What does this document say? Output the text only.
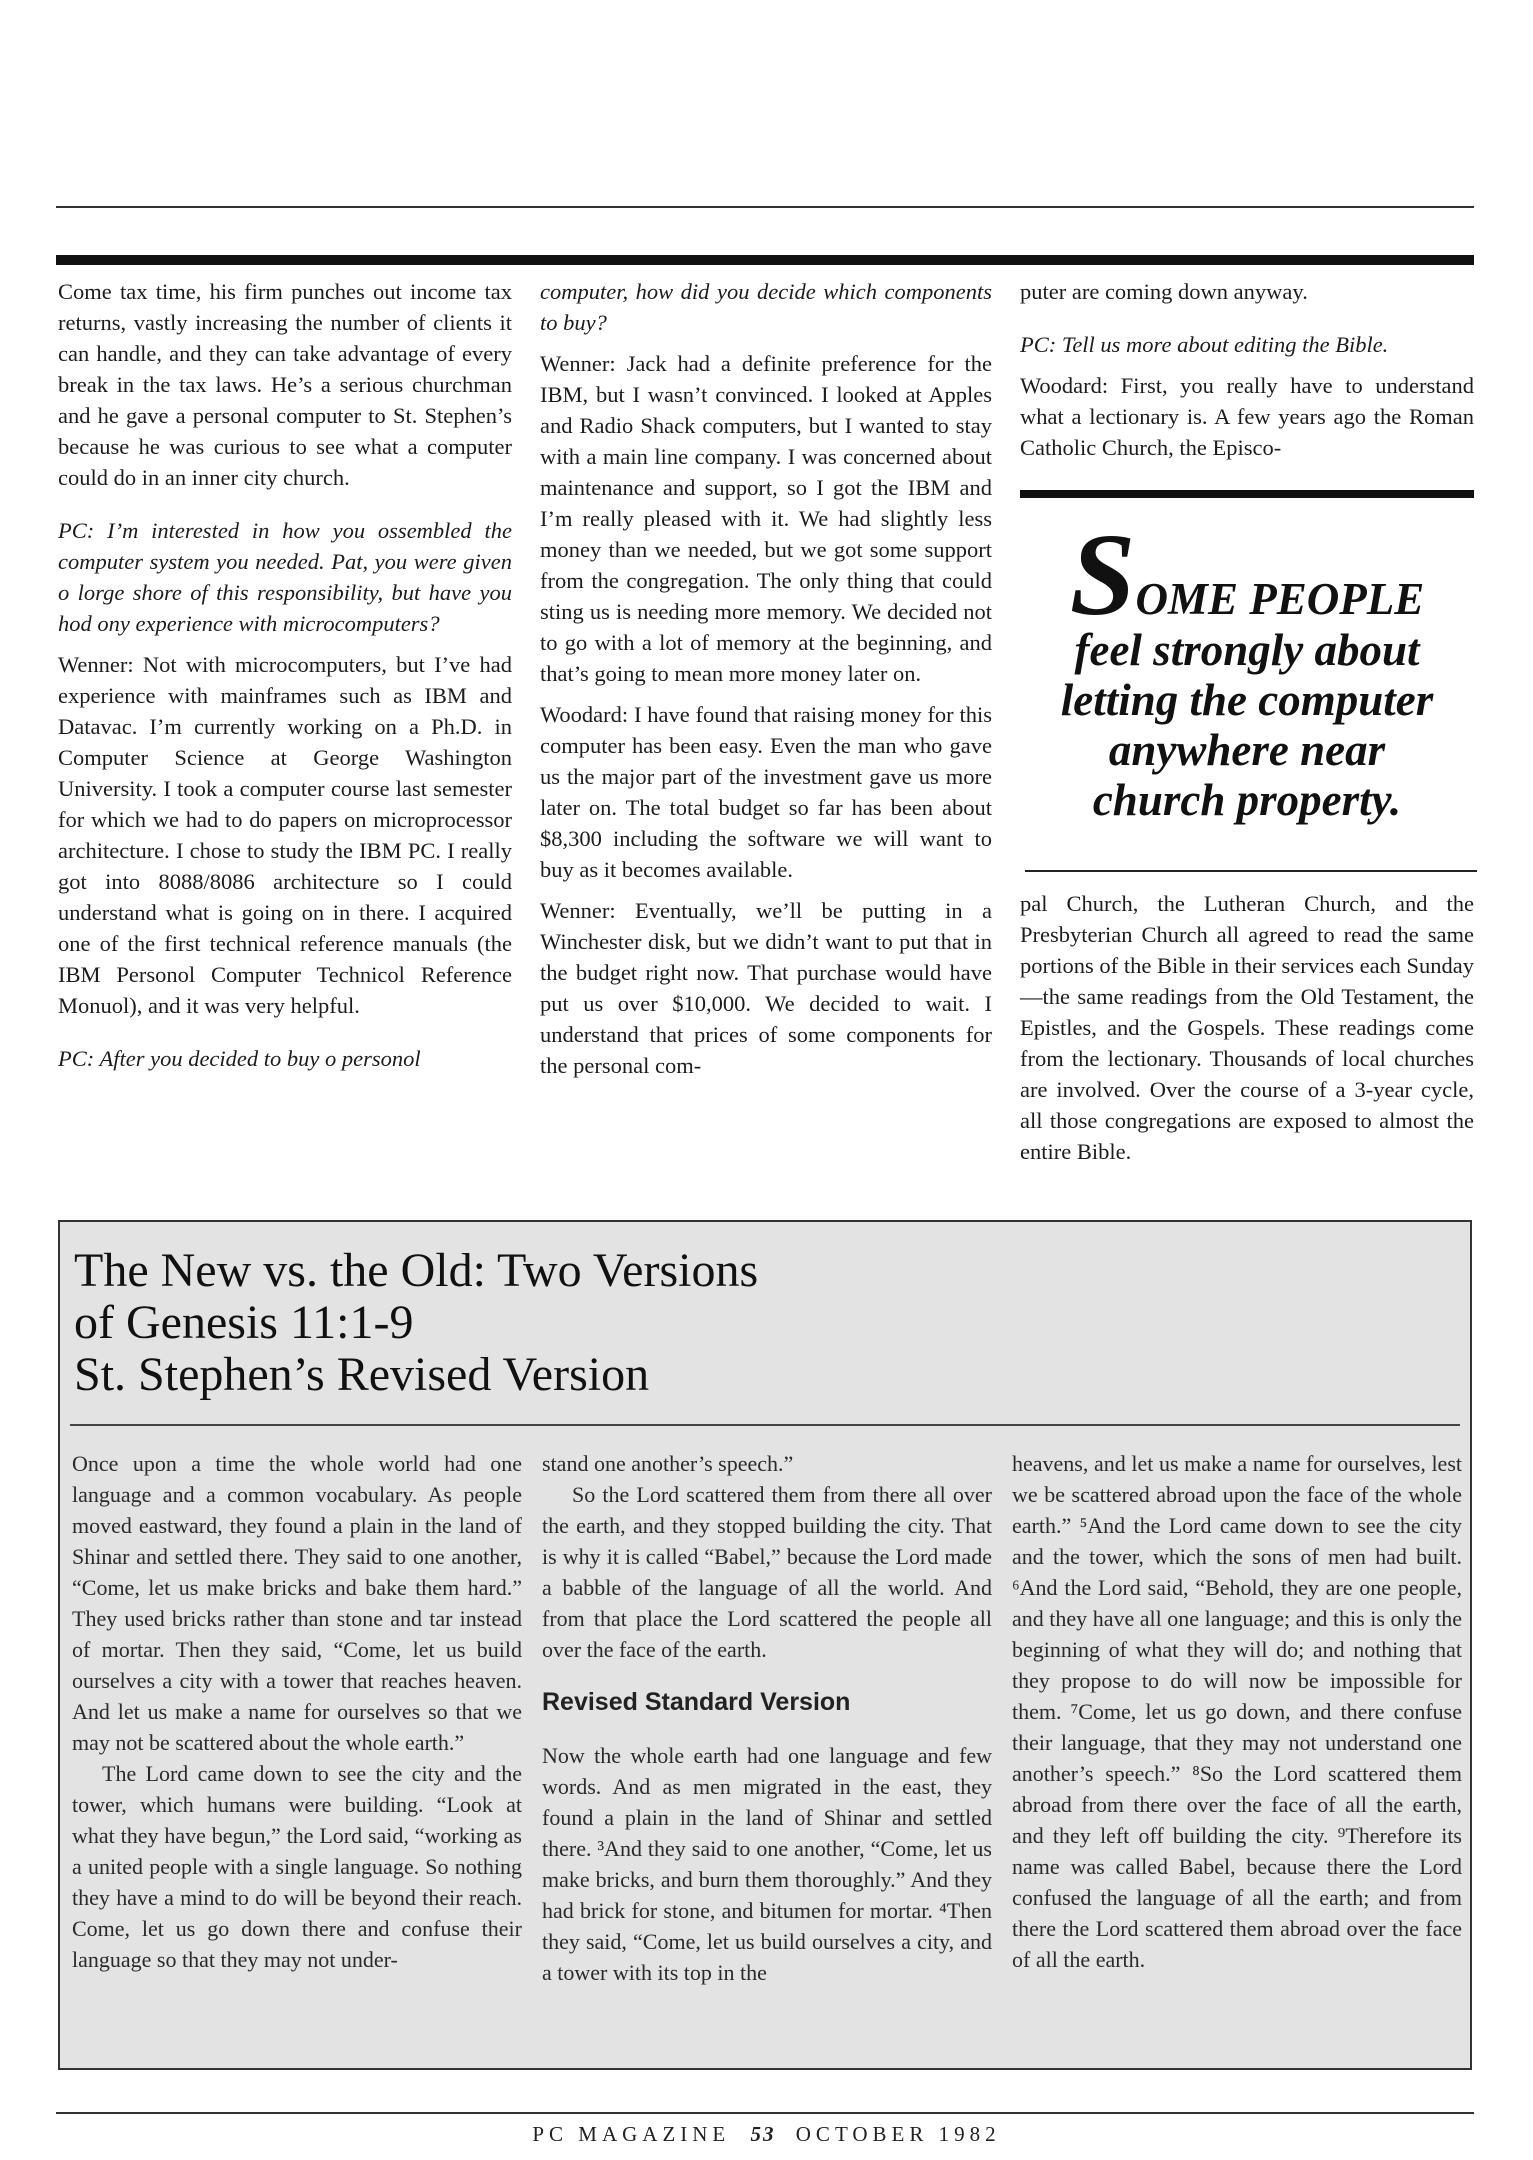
Come tax time, his firm punches out income tax returns, vastly increasing the number of clients it can handle, and they can take advantage of every break in the tax laws. He’s a serious churchman and he gave a personal computer to St. Stephen’s because he was curious to see what a computer could do in an inner city church.

PC: I’m interested in how you ossembled the computer system you needed. Pat, you were given o lorge shore of this responsibility, but have you hod ony experience with microcomputers?

Wenner: Not with microcomputers, but I’ve had experience with mainframes such as IBM and Datavac. I’m currently working on a Ph.D. in Computer Science at George Washington University. I took a computer course last semester for which we had to do papers on microprocessor architecture. I chose to study the IBM PC. I really got into 8088/8086 architecture so I could understand what is going on in there. I acquired one of the first technical reference manuals (the IBM Personol Computer Technicol Reference Monuol), and it was very helpful.

PC: After you decided to buy o personol

computer, how did you decide which components to buy?

Wenner: Jack had a definite preference for the IBM, but I wasn’t convinced. I looked at Apples and Radio Shack computers, but I wanted to stay with a main line company. I was concerned about maintenance and support, so I got the IBM and I’m really pleased with it. We had slightly less money than we needed, but we got some support from the congregation. The only thing that could sting us is needing more memory. We decided not to go with a lot of memory at the beginning, and that’s going to mean more money later on.

Woodard: I have found that raising money for this computer has been easy. Even the man who gave us the major part of the investment gave us more later on. The total budget so far has been about $8,300 including the software we will want to buy as it becomes available.

Wenner: Eventually, we’ll be putting in a Winchester disk, but we didn’t want to put that in the budget right now. That purchase would have put us over $10,000. We decided to wait. I understand that prices of some components for the personal com-

puter are coming down anyway.

PC: Tell us more about editing the Bible.

Woodard: First, you really have to understand what a lectionary is. A few years ago the Roman Catholic Church, the Episco-

SOME PEOPLE
feel strongly about letting the computer anywhere near church property.

pal Church, the Lutheran Church, and the Presbyterian Church all agreed to read the same portions of the Bible in their services each Sunday—the same readings from the Old Testament, the Epistles, and the Gospels. These readings come from the lectionary. Thousands of local churches are involved. Over the course of a 3-year cycle, all those congregations are exposed to almost the entire Bible.

The New vs. the Old: Two Versions
of Genesis 11:1-9
St. Stephen’s Revised Version

Once upon a time the whole world had one language and a common vocabulary. As people moved eastward, they found a plain in the land of Shinar and settled there. They said to one another, “Come, let us make bricks and bake them hard.” They used bricks rather than stone and tar instead of mortar. Then they said, “Come, let us build ourselves a city with a tower that reaches heaven. And let us make a name for ourselves so that we may not be scattered about the whole earth.”

The Lord came down to see the city and the tower, which humans were building. “Look at what they have begun,” the Lord said, “working as a united people with a single language. So nothing they have a mind to do will be beyond their reach. Come, let us go down there and confuse their language so that they may not under-

stand one another’s speech.”

So the Lord scattered them from there all over the earth, and they stopped building the city. That is why it is called “Babel,” because the Lord made a babble of the language of all the world. And from that place the Lord scattered the people all over the face of the earth.

Revised Standard Version

Now the whole earth had one language and few words. And as men migrated in the east, they found a plain in the land of Shinar and settled there. ³And they said to one another, “Come, let us make bricks, and burn them thoroughly.” And they had brick for stone, and bitumen for mortar. ⁴Then they said, “Come, let us build ourselves a city, and a tower with its top in the

heavens, and let us make a name for ourselves, lest we be scattered abroad upon the face of the whole earth.” ⁵And the Lord came down to see the city and the tower, which the sons of men had built. ⁶And the Lord said, “Behold, they are one people, and they have all one language; and this is only the beginning of what they will do; and nothing that they propose to do will now be impossible for them. ⁷Come, let us go down, and there confuse their language, that they may not understand one another’s speech.” ⁸So the Lord scattered them abroad from there over the face of all the earth, and they left off building the city. ⁹Therefore its name was called Babel, because there the Lord confused the language of all the earth; and from there the Lord scattered them abroad over the face of all the earth.

PC MAGAZINE 53 OCTOBER 1982
